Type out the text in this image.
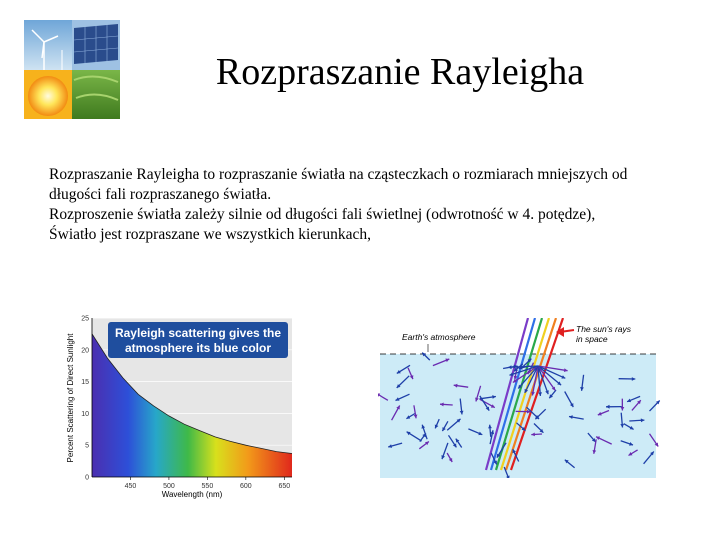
Rozpraszanie Rayleigha
Rozpraszanie Rayleigha to rozpraszanie światła na cząsteczkach o rozmiarach mniejszych od
długości fali rozpraszanego światła.
Rozproszenie światła zależy silnie od długości fali świetlnej (odwrotność w 4. potędze),
Światło jest rozpraszane we wszystkich kierunkach,
Rayleigh scattering gives the
atmosphere its blue color
0
5
10
15
20
25
450	500	550	600	650
Wavelength (nm)
Percent Scattering of Direct Sunlight
The sun's rays
in space
Earth's atmosphere
